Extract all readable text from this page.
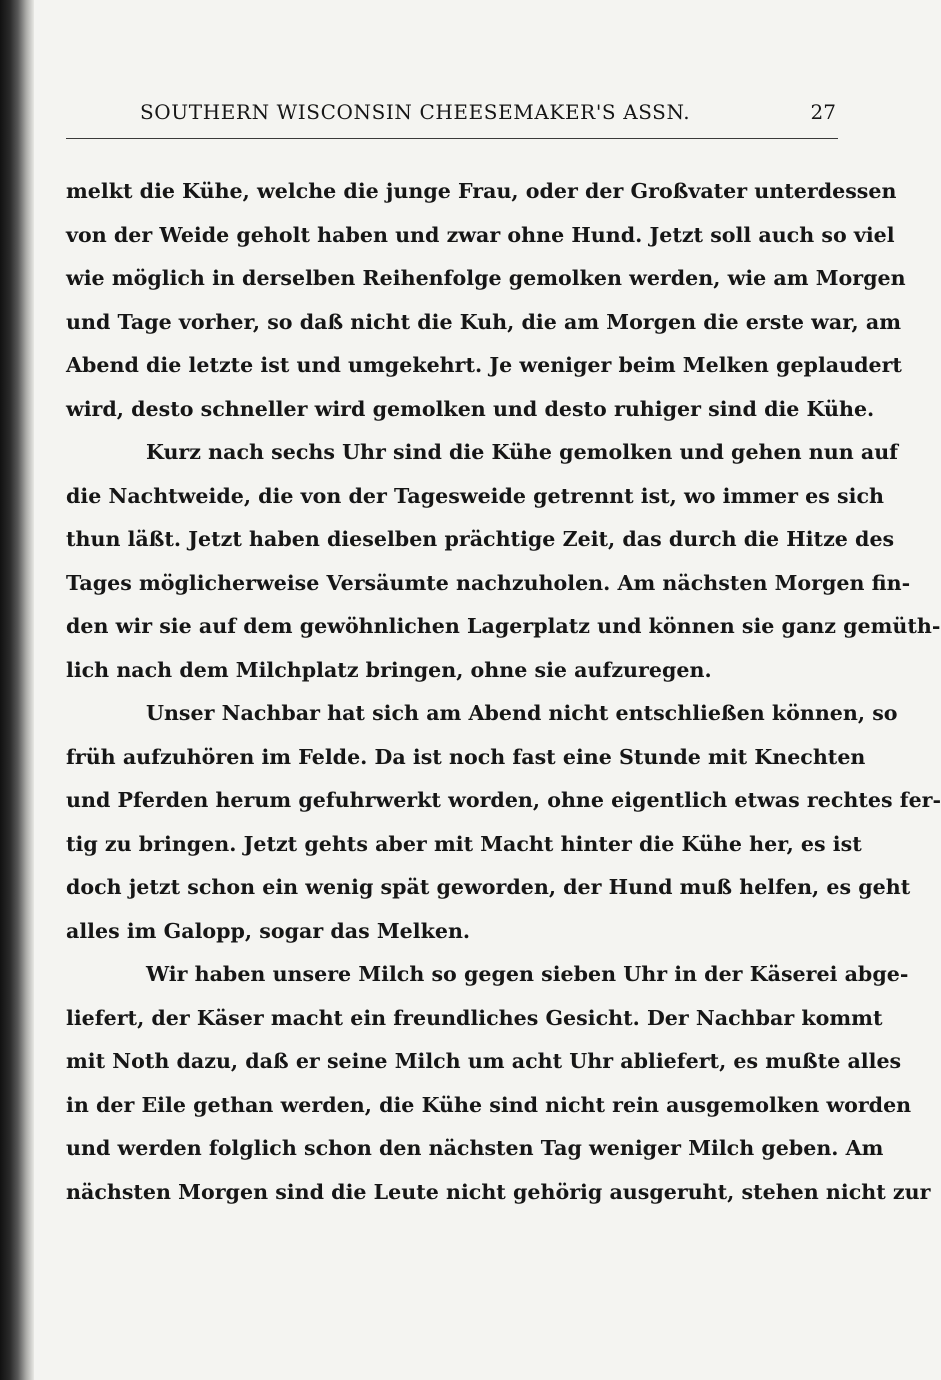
SOUTHERN WISCONSIN CHEESEMAKER'S ASSN.	27
melkt die Kühe, welche die junge Frau, oder der Großvater unterdessen
von der Weide geholt haben und zwar ohne Hund. Jetzt soll auch so viel
wie möglich in derselben Reihenfolge gemolken werden, wie am Morgen
und Tage vorher, so daß nicht die Kuh, die am Morgen die erste war, am
Abend die letzte ist und umgekehrt. Je weniger beim Melken geplaudert
wird, desto schneller wird gemolken und desto ruhiger sind die Kühe.
Kurz nach sechs Uhr sind die Kühe gemolken und gehen nun auf
die Nachtweide, die von der Tagesweide getrennt ist, wo immer es sich
thun läßt. Jetzt haben dieselben prächtige Zeit, das durch die Hitze des
Tages möglicherweise Versäumte nachzuholen. Am nächsten Morgen fin-
den wir sie auf dem gewöhnlichen Lagerplatz und können sie ganz gemüth-
lich nach dem Milchplatz bringen, ohne sie aufzuregen.
Unser Nachbar hat sich am Abend nicht entschließen können, so
früh aufzuhören im Felde. Da ist noch fast eine Stunde mit Knechten
und Pferden herum gefuhrwerkt worden, ohne eigentlich etwas rechtes fer-
tig zu bringen. Jetzt gehts aber mit Macht hinter die Kühe her, es ist
doch jetzt schon ein wenig spät geworden, der Hund muß helfen, es geht
alles im Galopp, sogar das Melken.
Wir haben unsere Milch so gegen sieben Uhr in der Käserei abge-
liefert, der Käser macht ein freundliches Gesicht. Der Nachbar kommt
mit Noth dazu, daß er seine Milch um acht Uhr abliefert, es mußte alles
in der Eile gethan werden, die Kühe sind nicht rein ausgemolken worden
und werden folglich schon den nächsten Tag weniger Milch geben. Am
nächsten Morgen sind die Leute nicht gehörig ausgeruht, stehen nicht zur
